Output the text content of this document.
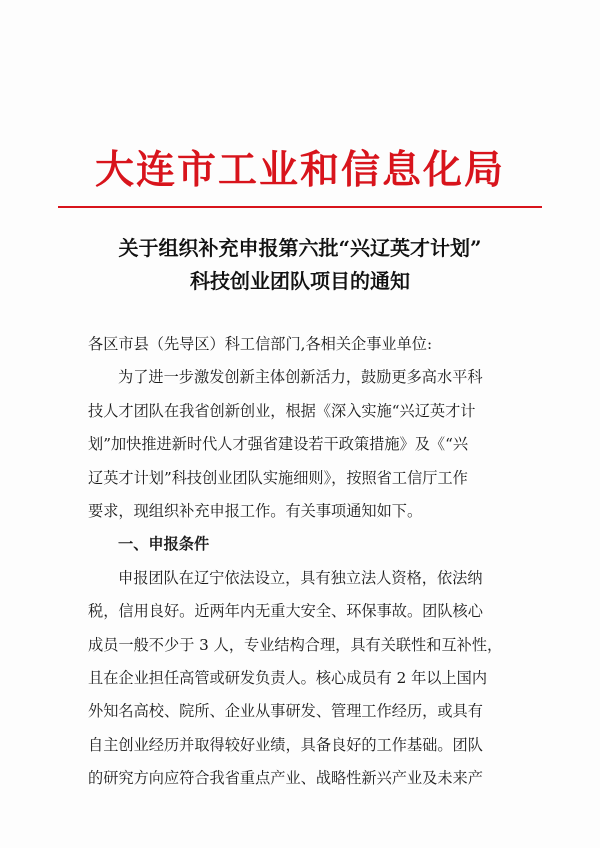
大连市工业和信息化局
关于组织补充申报第六批“兴辽英才计划”
科技创业团队项目的通知
各区市县（先导区）科工信部门,各相关企事业单位:
为了进一步激发创新主体创新活力，鼓励更多高水平科
技人才团队在我省创新创业，根据《深入实施“兴辽英才计
划”加快推进新时代人才强省建设若干政策措施》及《“兴
辽英才计划”科技创业团队实施细则》，按照省工信厅工作
要求，现组织补充申报工作。有关事项通知如下。
一、申报条件
申报团队在辽宁依法设立，具有独立法人资格，依法纳
税，信用良好。近两年内无重大安全、环保事故。团队核心
成员一般不少于 3 人，专业结构合理，具有关联性和互补性，
且在企业担任高管或研发负责人。核心成员有 2 年以上国内
外知名高校、院所、企业从事研发、管理工作经历，或具有
自主创业经历并取得较好业绩，具备良好的工作基础。团队
的研究方向应符合我省重点产业、战略性新兴产业及未来产
